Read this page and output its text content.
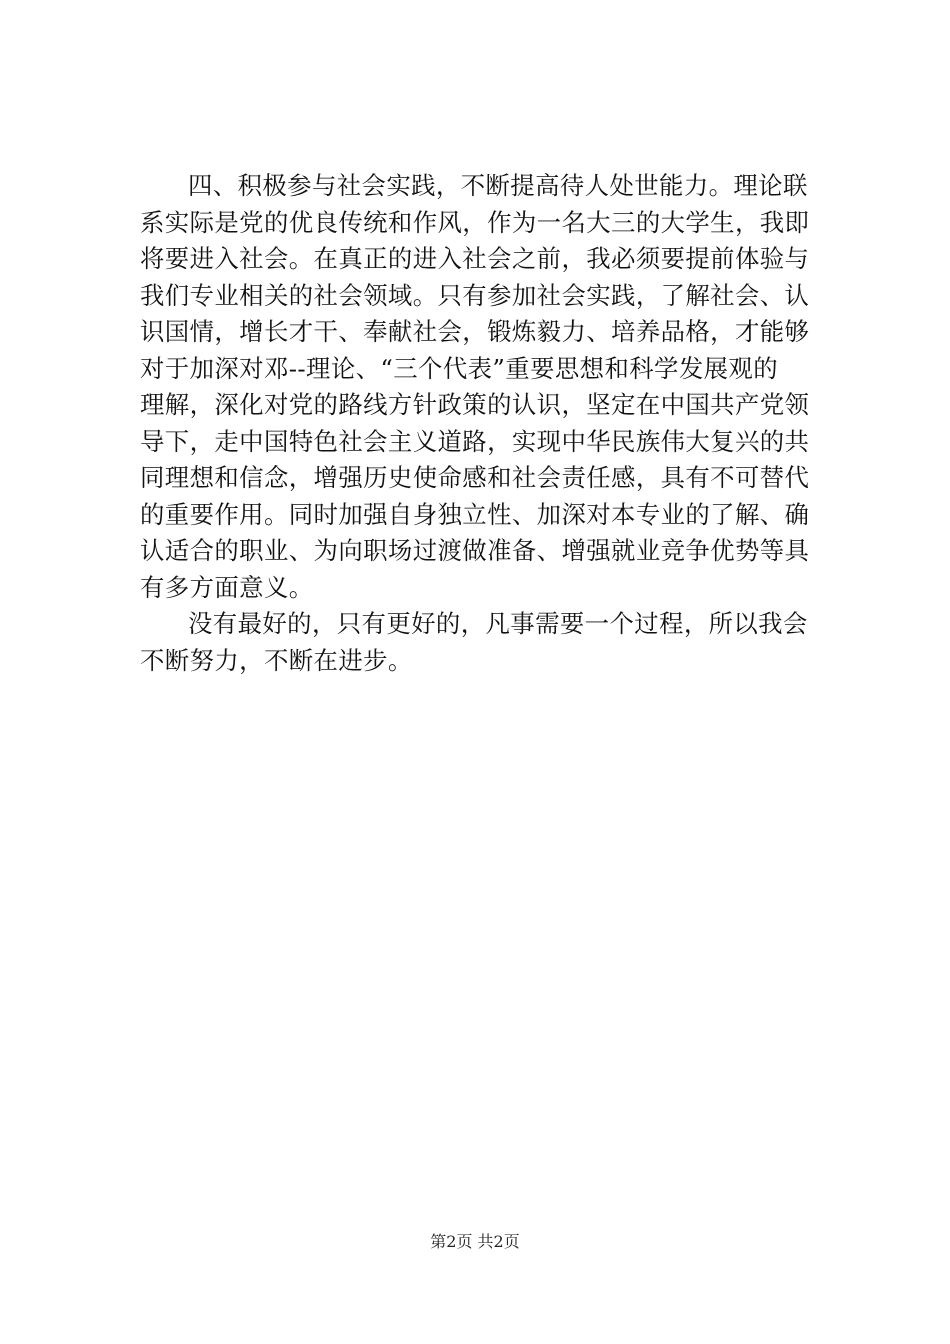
四、积极参与社会实践，不断提高待人处世能力。理论联
系实际是党的优良传统和作风，作为一名大三的大学生，我即
将要进入社会。在真正的进入社会之前，我必须要提前体验与
我们专业相关的社会领域。只有参加社会实践，了解社会、认
识国情，增长才干、奉献社会，锻炼毅力、培养品格，才能够
对于加深对邓--理论、“三个代表”重要思想和科学发展观的
理解，深化对党的路线方针政策的认识，坚定在中国共产党领
导下，走中国特色社会主义道路，实现中华民族伟大复兴的共
同理想和信念，增强历史使命感和社会责任感，具有不可替代
的重要作用。同时加强自身独立性、加深对本专业的了解、确
认适合的职业、为向职场过渡做准备、增强就业竞争优势等具
有多方面意义。
没有最好的，只有更好的，凡事需要一个过程，所以我会
不断努力，不断在进步。
第2页 共2页
